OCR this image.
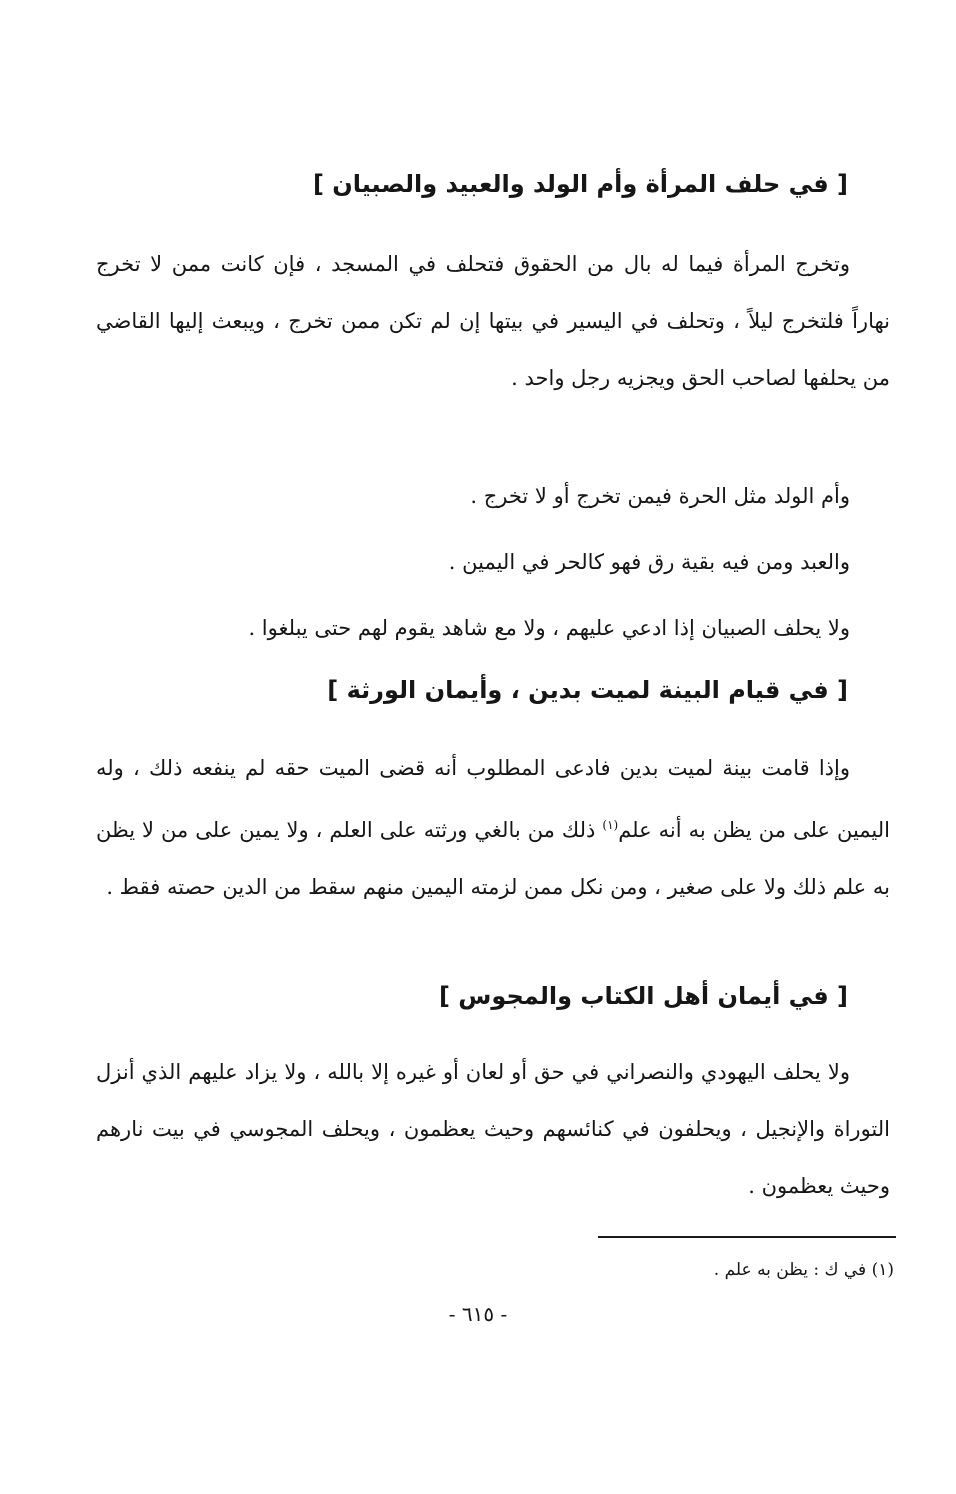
[ في حلف المرأة وأم الولد والعبيد والصبيان ]

وتخرج المرأة فيما له بال من الحقوق فتحلف في المسجد ، فإن كانت ممن لا تخرج نهاراً فلتخرج ليلاً ، وتحلف في اليسير في بيتها إن لم تكن ممن تخرج ، ويبعث إليها القاضي من يحلفها لصاحب الحق ويجزيه رجل واحد .

وأم الولد مثل الحرة فيمن تخرج أو لا تخرج .

والعبد ومن فيه بقية رق فهو كالحر في اليمين .

ولا يحلف الصبيان إذا ادعي عليهم ، ولا مع شاهد يقوم لهم حتى يبلغوا .

[ في قيام البينة لميت بدين ، وأيمان الورثة ]

وإذا قامت بينة لميت بدين فادعى المطلوب أنه قضى الميت حقه لم ينفعه ذلك ، وله اليمين على من يظن به أنه علم$^{(١)}$ ذلك من بالغي ورثته على العلم ، ولا يمين على من لا يظن به علم ذلك ولا على صغير ، ومن نكل ممن لزمته اليمين منهم سقط من الدين حصته فقط .

[ في أيمان أهل الكتاب والمجوس ]

ولا يحلف اليهودي والنصراني في حق أو لعان أو غيره إلا بالله ، ولا يزاد عليهم الذي أنزل التوراة والإنجيل ، ويحلفون في كنائسهم وحيث يعظمون ، ويحلف المجوسي في بيت نارهم وحيث يعظمون .

(١) في ك : يظن به علم .

- ٦١٥ -
